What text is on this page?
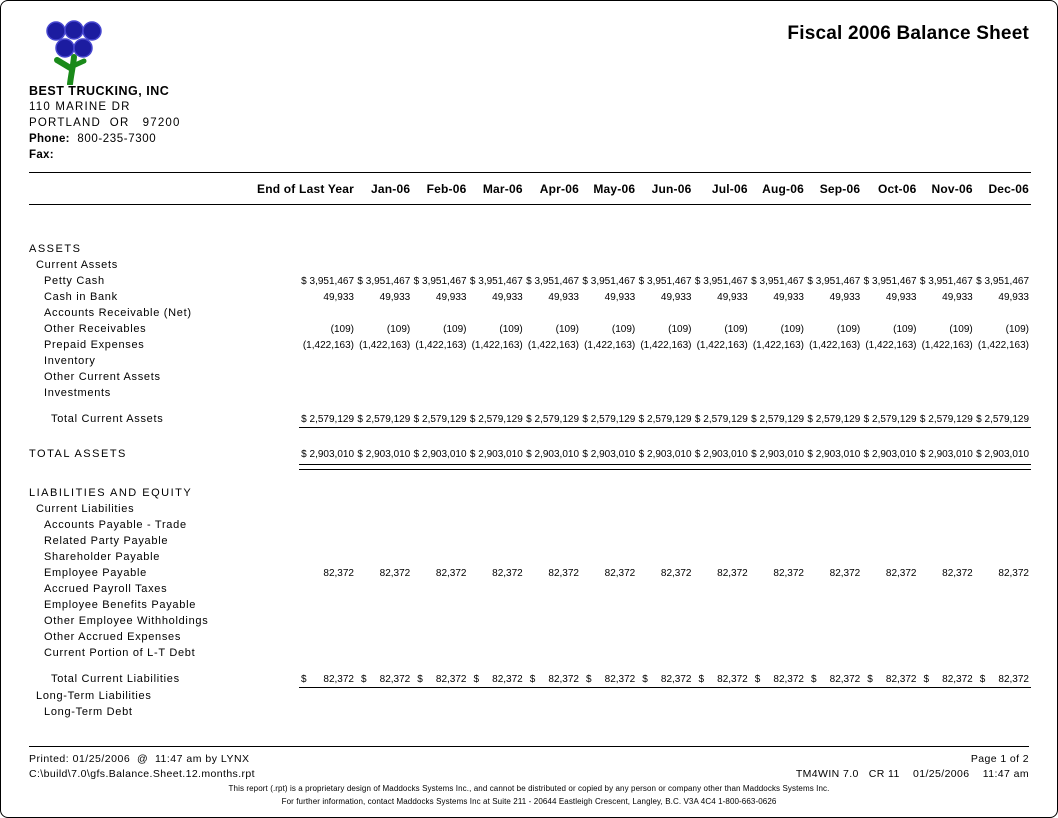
BEST TRUCKING, INC
110 MARINE DR
PORTLAND  OR   97200
Phone: 800-235-7300
Fax:
Fiscal 2006 Balance Sheet
End of Last Year	Jan-06	Feb-06	Mar-06	Apr-06	May-06	Jun-06	Jul-06	Aug-06	Sep-06	Oct-06	Nov-06	Dec-06
ASSETS
Current Assets
Petty Cash	$ 3,951,467 $ 3,951,467 $ 3,951,467 $ 3,951,467 $ 3,951,467 $ 3,951,467 $ 3,951,467 $ 3,951,467 $ 3,951,467 $ 3,951,467 $ 3,951,467 $ 3,951,467 $ 3,951,467
Cash in Bank	49,933	49,933	49,933	49,933	49,933	49,933	49,933	49,933	49,933	49,933	49,933	49,933	49,933
Accounts Receivable (Net)
Other Receivables	(109)	(109)	(109)	(109)	(109)	(109)	(109)	(109)	(109)	(109)	(109)	(109)	(109)
Prepaid Expenses	(1,422,163) (1,422,163) (1,422,163) (1,422,163) (1,422,163) (1,422,163) (1,422,163) (1,422,163) (1,422,163) (1,422,163) (1,422,163) (1,422,163) (1,422,163)
Inventory
Other Current Assets
Investments
Total Current Assets	$ 2,579,129 $ 2,579,129 $ 2,579,129 $ 2,579,129 $ 2,579,129 $ 2,579,129 $ 2,579,129 $ 2,579,129 $ 2,579,129 $ 2,579,129 $ 2,579,129 $ 2,579,129 $ 2,579,129
TOTAL ASSETS	$ 2,903,010 $ 2,903,010 $ 2,903,010 $ 2,903,010 $ 2,903,010 $ 2,903,010 $ 2,903,010 $ 2,903,010 $ 2,903,010 $ 2,903,010 $ 2,903,010 $ 2,903,010 $ 2,903,010
LIABILITIES AND EQUITY
Current Liabilities
Accounts Payable - Trade
Related Party Payable
Shareholder Payable
Employee Payable	82,372	82,372	82,372	82,372	82,372	82,372	82,372	82,372	82,372	82,372	82,372	82,372	82,372
Accrued Payroll Taxes
Employee Benefits Payable
Other Employee Withholdings
Other Accrued Expenses
Current Portion of L-T Debt
Total Current Liabilities	$ 82,372 $ 82,372 $ 82,372 $ 82,372 $ 82,372 $ 82,372 $ 82,372 $ 82,372 $ 82,372 $ 82,372 $ 82,372 $ 82,372 $ 82,372
Long-Term Liabilities
Long-Term Debt
Printed: 01/25/2006  @  11:47 am by LYNX
C:\build\7.0\gfs.Balance.Sheet.12.months.rpt
Page 1 of 2
TM4WIN 7.0   CR 11    01/25/2006    11:47 am
This report (.rpt) is a proprietary design of Maddocks Systems Inc., and cannot be distributed or copied by any person or company other than Maddocks Systems Inc.
For further information, contact Maddocks Systems Inc at Suite 211 - 20644 Eastleigh Crescent, Langley, B.C. V3A 4C4 1-800-663-0626
